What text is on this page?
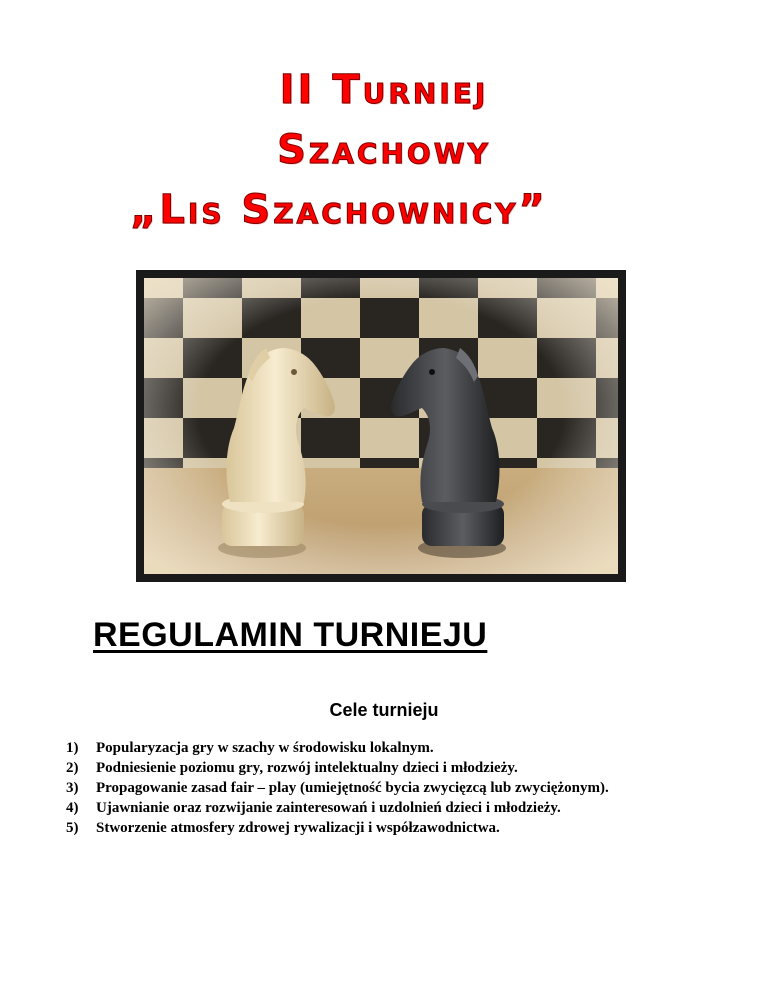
II Turniej
Szachowy
„Lis Szachownicy”
REGULAMIN TURNIEJU
Cele turnieju
1)	Popularyzacja gry w szachy w środowisku lokalnym.
2)	Podniesienie poziomu gry, rozwój intelektualny dzieci i młodzieży.
3)	Propagowanie zasad fair – play (umiejętność bycia zwycięzcą lub zwyciężonym).
4)	Ujawnianie oraz rozwijanie zainteresowań i uzdolnień dzieci i młodzieży.
5)	Stworzenie atmosfery zdrowej rywalizacji i współzawodnictwa.
